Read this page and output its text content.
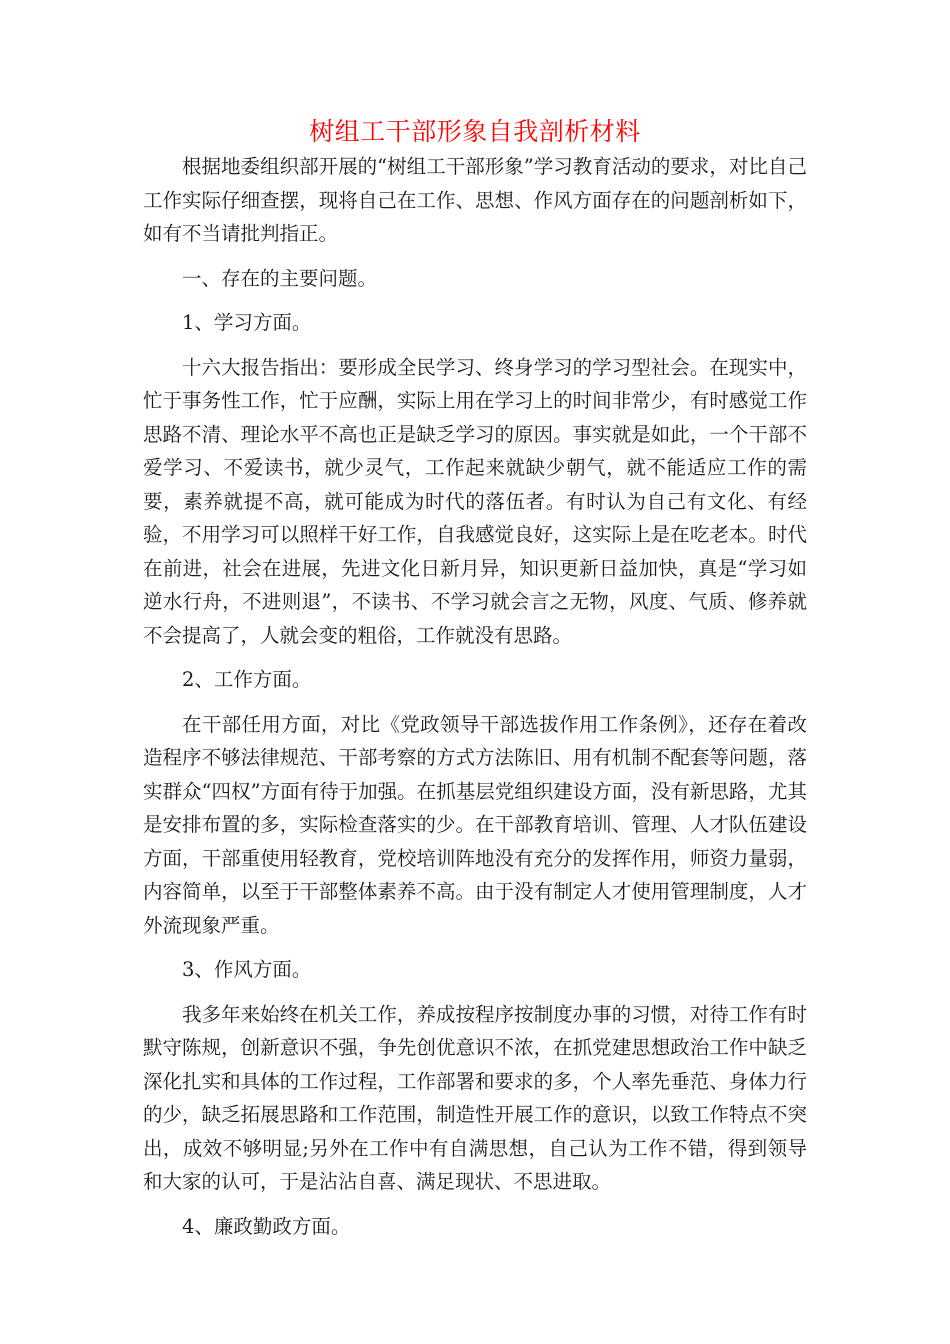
树组工干部形象自我剖析材料

根据地委组织部开展的“树组工干部形象”学习教育活动的要求，对比自己工作实际仔细查摆，现将自己在工作、思想、作风方面存在的问题剖析如下，如有不当请批判指正。

一、存在的主要问题。

1、学习方面。

十六大报告指出：要形成全民学习、终身学习的学习型社会。在现实中，忙于事务性工作，忙于应酬，实际上用在学习上的时间非常少，有时感觉工作思路不清、理论水平不高也正是缺乏学习的原因。事实就是如此，一个干部不爱学习、不爱读书，就少灵气，工作起来就缺少朝气，就不能适应工作的需要，素养就提不高，就可能成为时代的落伍者。有时认为自己有文化、有经验，不用学习可以照样干好工作，自我感觉良好，这实际上是在吃老本。时代在前进，社会在进展，先进文化日新月异，知识更新日益加快，真是“学习如逆水行舟，不进则退”，不读书、不学习就会言之无物，风度、气质、修养就不会提高了，人就会变的粗俗，工作就没有思路。

2、工作方面。

在干部任用方面，对比《党政领导干部选拔作用工作条例》，还存在着改造程序不够法律规范、干部考察的方式方法陈旧、用有机制不配套等问题，落实群众“四权”方面有待于加强。在抓基层党组织建设方面，没有新思路，尤其是安排布置的多，实际检查落实的少。在干部教育培训、管理、人才队伍建设方面，干部重使用轻教育，党校培训阵地没有充分的发挥作用，师资力量弱，内容简单，以至于干部整体素养不高。由于没有制定人才使用管理制度，人才外流现象严重。

3、作风方面。

我多年来始终在机关工作，养成按程序按制度办事的习惯，对待工作有时默守陈规，创新意识不强，争先创优意识不浓，在抓党建思想政治工作中缺乏深化扎实和具体的工作过程，工作部署和要求的多，个人率先垂范、身体力行的少，缺乏拓展思路和工作范围，制造性开展工作的意识，以致工作特点不突出，成效不够明显;另外在工作中有自满思想，自己认为工作不错，得到领导和大家的认可，于是沾沾自喜、满足现状、不思进取。

4、廉政勤政方面。
